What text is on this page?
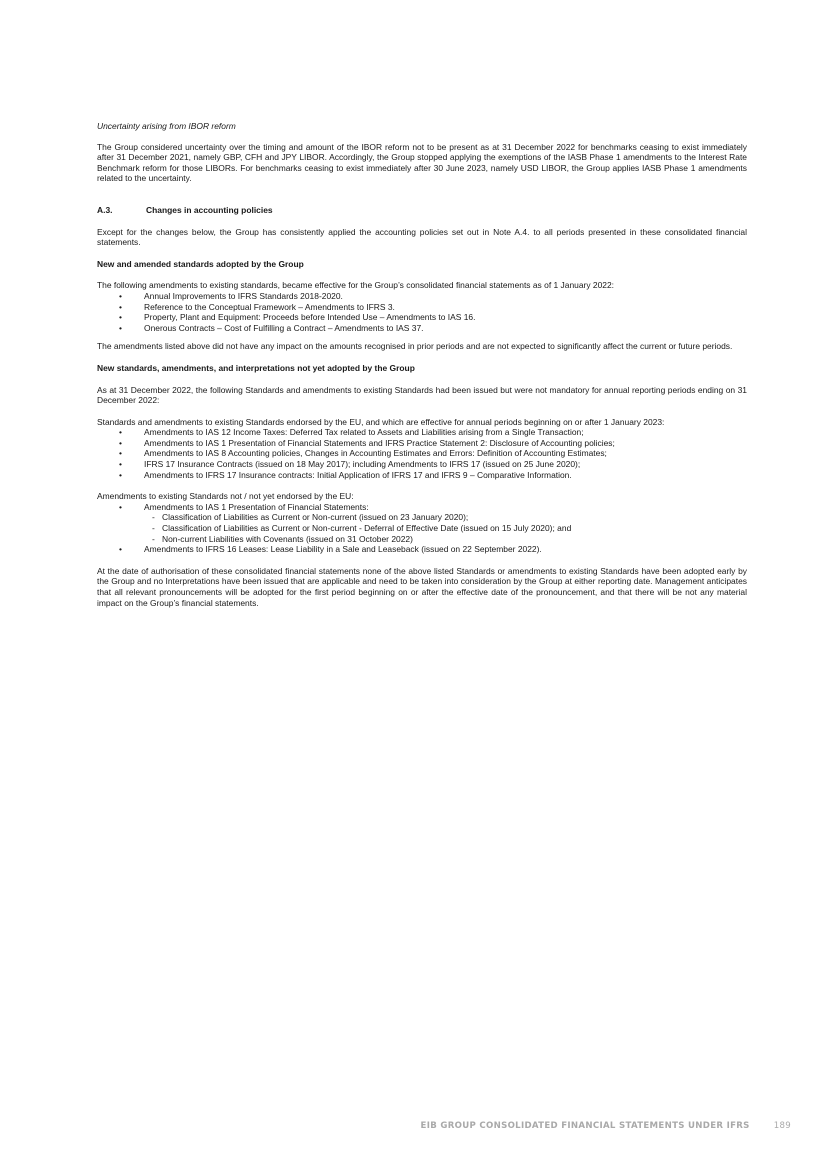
Uncertainty arising from IBOR reform

The Group considered uncertainty over the timing and amount of the IBOR reform not to be present as at 31 December 2022 for benchmarks ceasing to exist immediately after 31 December 2021, namely GBP, CFH and JPY LIBOR. Accordingly, the Group stopped applying the exemptions of the IASB Phase 1 amendments to the Interest Rate Benchmark reform for those LIBORs. For benchmarks ceasing to exist immediately after 30 June 2023, namely USD LIBOR, the Group applies IASB Phase 1 amendments related to the uncertainty.

A.3.	Changes in accounting policies

Except for the changes below, the Group has consistently applied the accounting policies set out in Note A.4. to all periods presented in these consolidated financial statements.

New and amended standards adopted by the Group

The following amendments to existing standards, became effective for the Group’s consolidated financial statements as of 1 January 2022:

• Annual Improvements to IFRS Standards 2018-2020.
• Reference to the Conceptual Framework – Amendments to IFRS 3.
• Property, Plant and Equipment: Proceeds before Intended Use – Amendments to IAS 16.
• Onerous Contracts – Cost of Fulfilling a Contract – Amendments to IAS 37.

The amendments listed above did not have any impact on the amounts recognised in prior periods and are not expected to significantly affect the current or future periods.

New standards, amendments, and interpretations not yet adopted by the Group

As at 31 December 2022, the following Standards and amendments to existing Standards had been issued but were not mandatory for annual reporting periods ending on 31 December 2022:

Standards and amendments to existing Standards endorsed by the EU, and which are effective for annual periods beginning on or after 1 January 2023:

• Amendments to IAS 12 Income Taxes: Deferred Tax related to Assets and Liabilities arising from a Single Transaction;
• Amendments to IAS 1 Presentation of Financial Statements and IFRS Practice Statement 2: Disclosure of Accounting policies;
• Amendments to IAS 8 Accounting policies, Changes in Accounting Estimates and Errors: Definition of Accounting Estimates;
• IFRS 17 Insurance Contracts (issued on 18 May 2017); including Amendments to IFRS 17 (issued on 25 June 2020);
• Amendments to IFRS 17 Insurance contracts: Initial Application of IFRS 17 and IFRS 9 – Comparative Information.

Amendments to existing Standards not / not yet endorsed by the EU:

• Amendments to IAS 1 Presentation of Financial Statements:
- Classification of Liabilities as Current or Non-current (issued on 23 January 2020);
- Classification of Liabilities as Current or Non-current - Deferral of Effective Date (issued on 15 July 2020); and
- Non-current Liabilities with Covenants (issued on 31 October 2022)
• Amendments to IFRS 16 Leases: Lease Liability in a Sale and Leaseback (issued on 22 September 2022).

At the date of authorisation of these consolidated financial statements none of the above listed Standards or amendments to existing Standards have been adopted early by the Group and no Interpretations have been issued that are applicable and need to be taken into consideration by the Group at either reporting date. Management anticipates that all relevant pronouncements will be adopted for the first period beginning on or after the effective date of the pronouncement, and that there will be not any material impact on the Group’s financial statements.

EIB GROUP CONSOLIDATED FINANCIAL STATEMENTS UNDER IFRS	189
